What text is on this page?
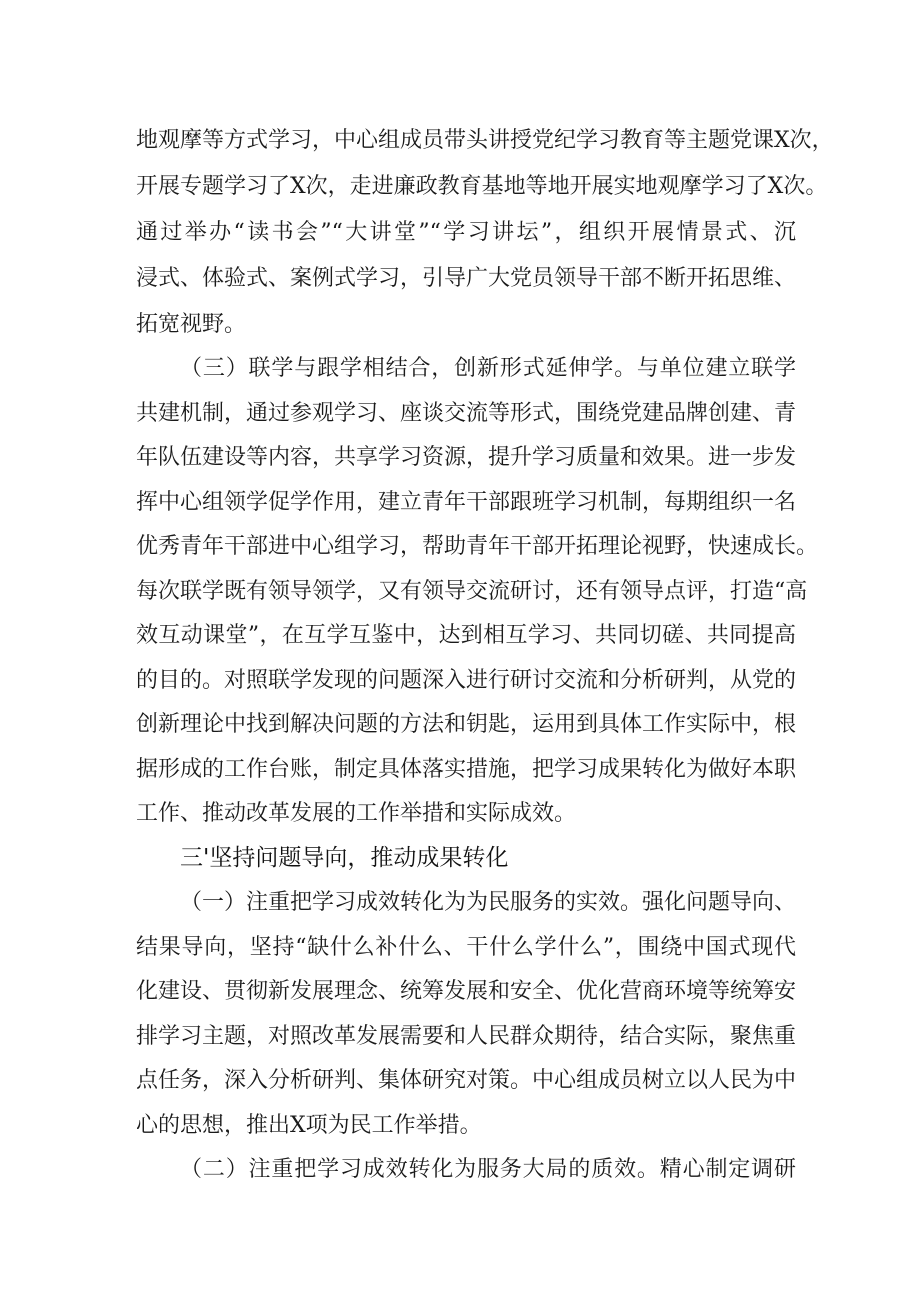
地观摩等方式学习，中心组成员带头讲授党纪学习教育等主题党课X次，
开展专题学习了X次，走进廉政教育基地等地开展实地观摩学习了X次。
通过举办“读书会”“大讲堂”“学习讲坛”，组织开展情景式、沉
浸式、体验式、案例式学习，引导广大党员领导干部不断开拓思维、
拓宽视野。
（三）联学与跟学相结合，创新形式延伸学。与单位建立联学
共建机制，通过参观学习、座谈交流等形式，围绕党建品牌创建、青
年队伍建设等内容，共享学习资源，提升学习质量和效果。进一步发
挥中心组领学促学作用，建立青年干部跟班学习机制，每期组织一名
优秀青年干部进中心组学习，帮助青年干部开拓理论视野，快速成长。
每次联学既有领导领学，又有领导交流研讨，还有领导点评，打造“高
效互动课堂”，在互学互鉴中，达到相互学习、共同切磋、共同提高
的目的。对照联学发现的问题深入进行研讨交流和分析研判，从党的
创新理论中找到解决问题的方法和钥匙，运用到具体工作实际中，根
据形成的工作台账，制定具体落实措施，把学习成果转化为做好本职
工作、推动改革发展的工作举措和实际成效。
三'坚持问题导向，推动成果转化
（一）注重把学习成效转化为为民服务的实效。强化问题导向、
结果导向，坚持“缺什么补什么、干什么学什么”，围绕中国式现代
化建设、贯彻新发展理念、统筹发展和安全、优化营商环境等统筹安
排学习主题，对照改革发展需要和人民群众期待，结合实际，聚焦重
点任务，深入分析研判、集体研究对策。中心组成员树立以人民为中
心的思想，推出X项为民工作举措。
（二）注重把学习成效转化为服务大局的质效。精心制定调研
